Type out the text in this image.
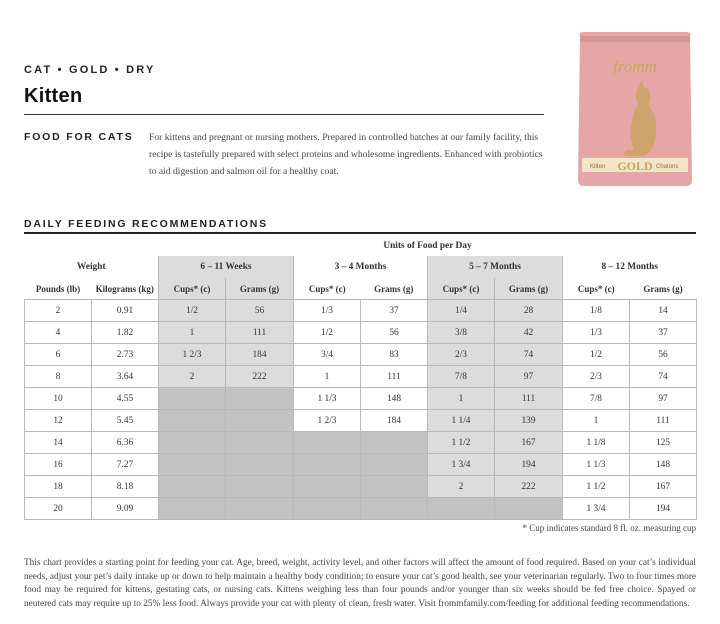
CAT • GOLD • DRY
Kitten
FOOD FOR CATS For kittens and pregnant or nursing mothers. Prepared in controlled batches at our family facility, this recipe is tastefully prepared with select proteins and wholesome ingredients. Enhanced with probiotics to aid digestion and salmon oil for a healthy coat.
fromm
Kitten GOLD Chatons
DAILY FEEDING RECOMMENDATIONS
		Units of Food per Day							
Weight		6 – 11 Weeks		3 – 4 Months		5 – 7 Months		8 – 12 Months	
Pounds (lb)	Kilograms (kg)	Cups* (c)	Grams (g)	Cups* (c)	Grams (g)	Cups* (c)	Grams (g)	Cups* (c)	Grams (g)
2	0.91	1/2	56	1/3	37	1/4	28	1/8	14
4	1.82	1	111	1/2	56	3/8	42	1/3	37
6	2.73	1 2/3	184	3/4	83	2/3	74	1/2	56
8	3.64	2	222	1	111	7/8	97	2/3	74
10	4.55			1 1/3	148	1	111	7/8	97
12	5.45			1 2/3	184	1 1/4	139	1	111
14	6.36					1 1/2	167	1 1/8	125
16	7.27					1 3/4	194	1 1/3	148
18	8.18					2	222	1 1/2	167
20	9.09							1 3/4	194
* Cup indicates standard 8 fl. oz. measuring cup
This chart provides a starting point for feeding your cat. Age, breed, weight, activity level, and other factors will affect the amount of food required. Based on your cat’s individual needs, adjust your pet’s daily intake up or down to help maintain a healthy body condition; to ensure your cat’s good health, see your veterinarian regularly. Two to four times more food may be required for kittens, gestating cats, or nursing cats. Kittens weighing less than four pounds and/or younger than six weeks should be fed free choice. Spayed or neutered cats may require up to 25% less food. Always provide your cat with plenty of clean, fresh water. Visit frommfamily.com/feeding for additional feeding recommendations.
